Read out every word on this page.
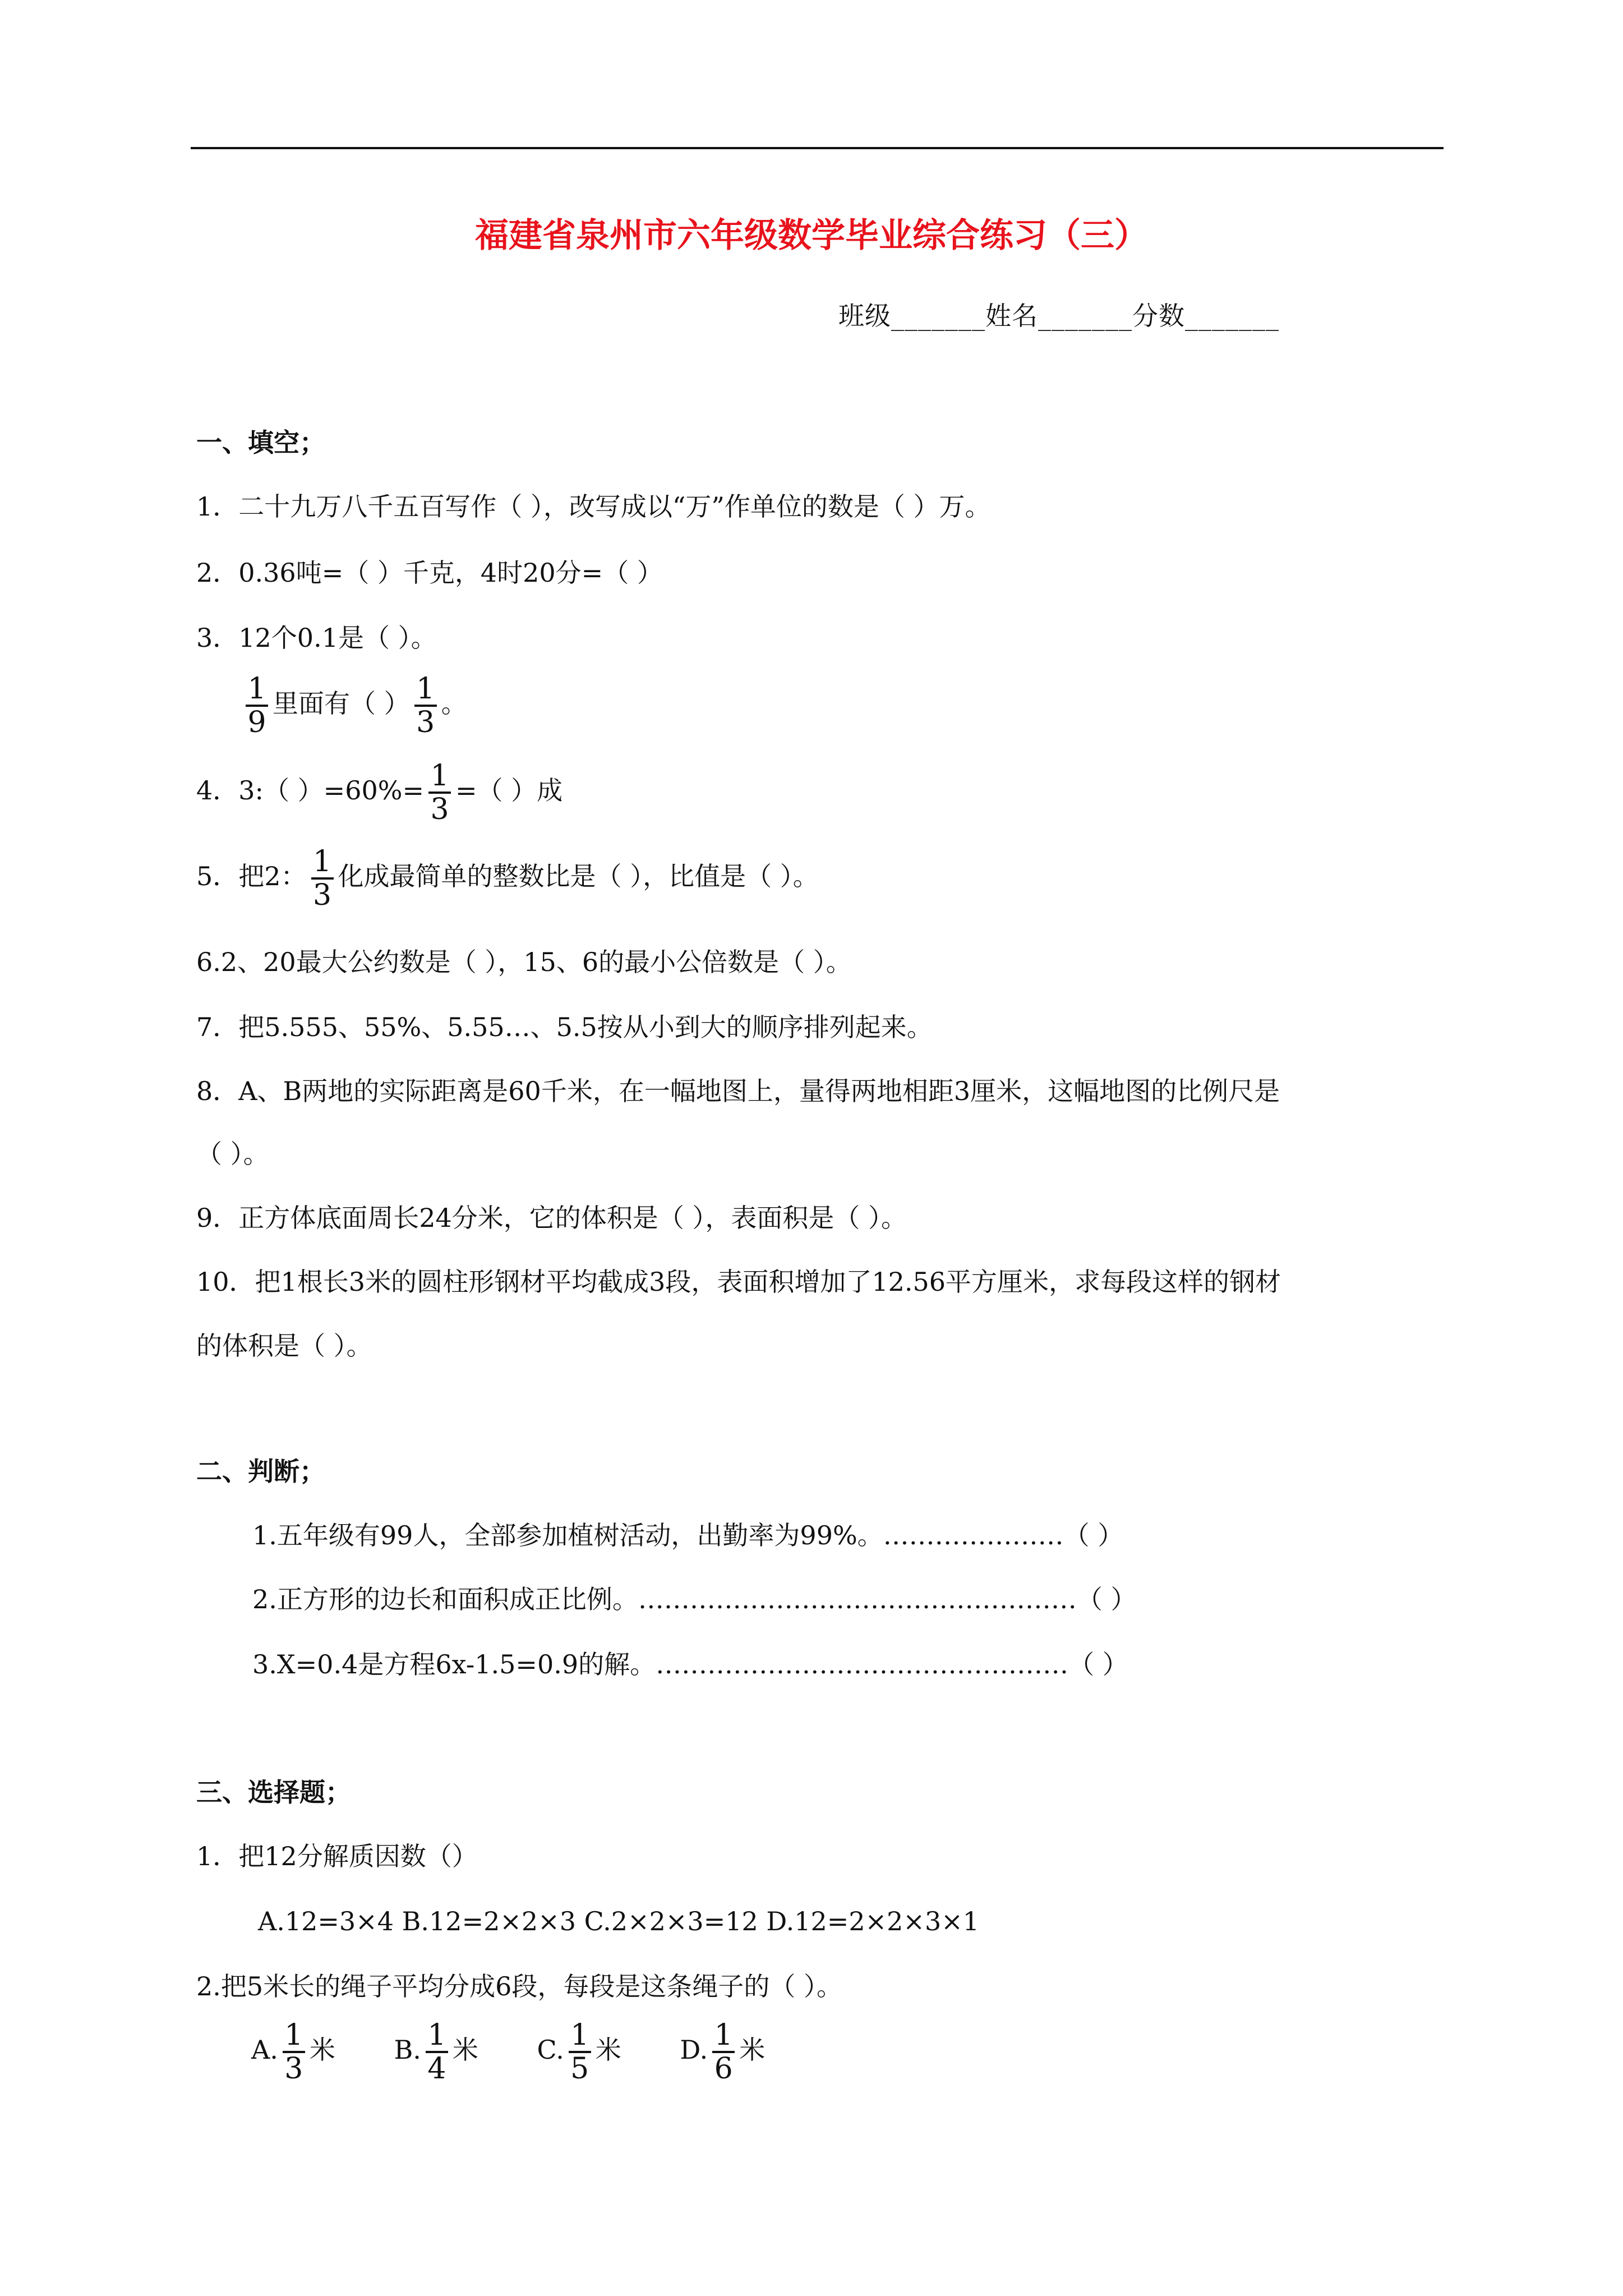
福建省泉州市六年级数学毕业综合练习（三）
班级_______姓名_______分数_______
一、填空；
1．二十九万八千五百写作（ ），改写成以“万”作单位的数是（ ）万。
2．0.36吨=（ ）千克，4时20分=（ ）
3．12个0.1是（ ）。
$\frac{1}{9}$ 里面有（ ） $\frac{1}{3}$ 。
4．3:（ ）$=60\%= \frac{1}{3}$ =（ ）成
5．把2： $\frac{1}{3}$ 化成最简单的整数比是（ ），比值是（ ）。
6.2、20最大公约数是（ ），15、6的最小公倍数是（ ）。
7．把5.555、55%、5.55…、5.5按从小到大的顺序排列起来。
8．A、B两地的实际距离是60千米，在一幅地图上，量得两地相距3厘米，这幅地图的比例尺是
（ ）。
9．正方体底面周长24分米，它的体积是（ ），表面积是（ ）。
10．把1根长3米的圆柱形钢材平均截成3段，表面积增加了12.56平方厘米，求每段这样的钢材
的体积是（ ）。
二、判断；
1.五年级有99人，全部参加植树活动，出勤率为99%。…………………（ ）
2.正方形的边长和面积成正比例。……………………………………………（ ）
3.X=0.4是方程6x-1.5=0.9的解。…………………………………………（ ）
三、选择题；
1．把12分解质因数（）
A.12=3×4 B.12=2×2×3 C.2×2×3=12 D.12=2×2×3×1
2.把5米长的绳子平均分成6段，每段是这条绳子的（ ）。
A. $\frac{1}{3}$ 米 B. $\frac{1}{4}$ 米 C. $\frac{1}{5}$ 米 D. $\frac{1}{6}$ 米
